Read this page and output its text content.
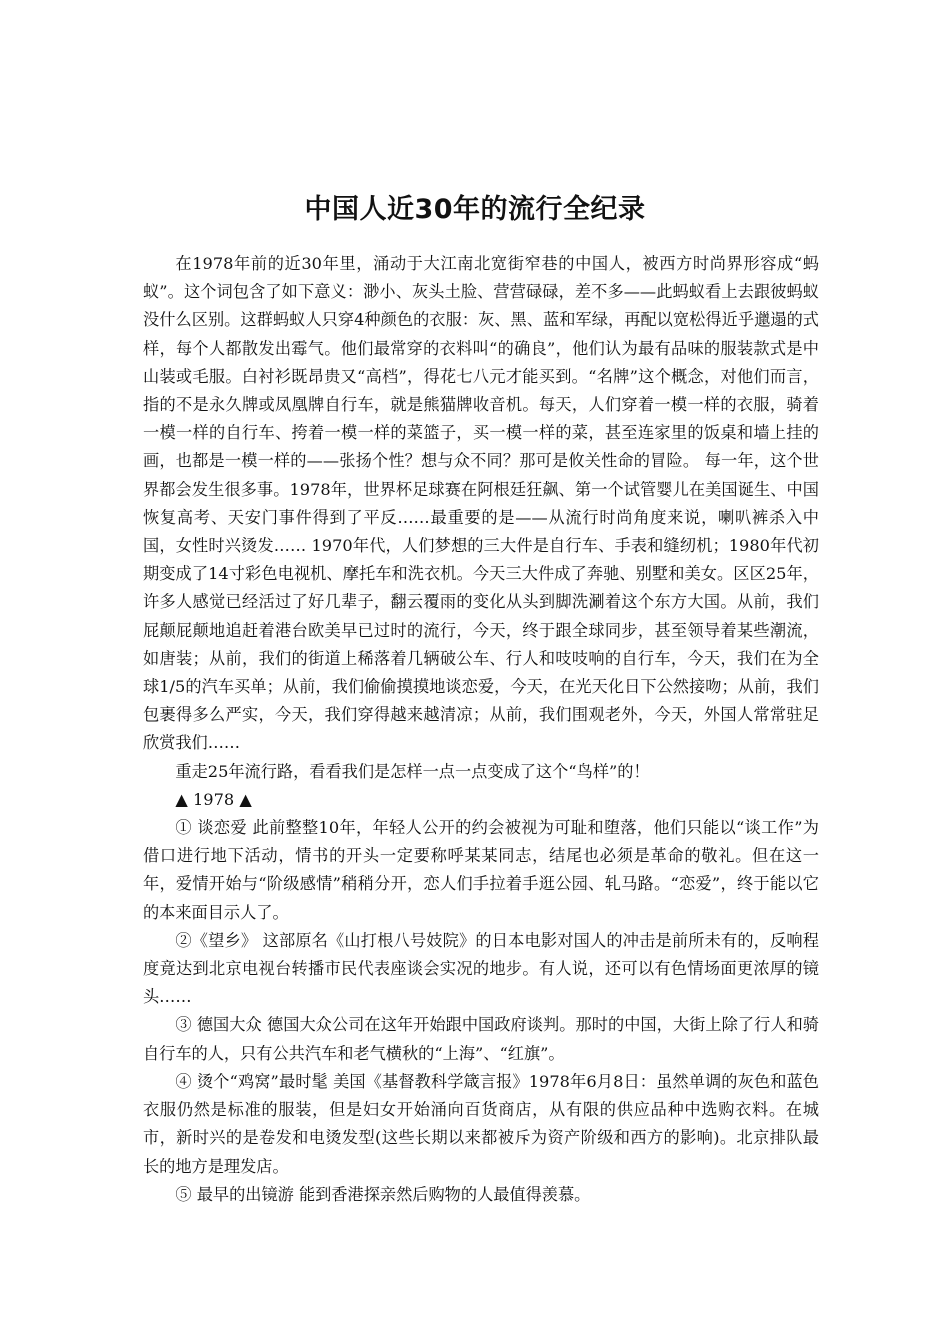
中国人近30年的流行全纪录

在1978年前的近30年里，涌动于大江南北宽街窄巷的中国人，被西方时尚界形容成“蚂蚁”。这个词包含了如下意义：渺小、灰头土脸、营营碌碌，差不多——此蚂蚁看上去跟彼蚂蚁没什么区别。这群蚂蚁人只穿4种颜色的衣服：灰、黑、蓝和军绿，再配以宽松得近乎邋遢的式样，每个人都散发出霉气。他们最常穿的衣料叫“的确良”，他们认为最有品味的服装款式是中山装或毛服。白衬衫既昂贵又“高档”，得花七八元才能买到。“名牌”这个概念，对他们而言，指的不是永久牌或凤凰牌自行车，就是熊猫牌收音机。每天，人们穿着一模一样的衣服，骑着一模一样的自行车、挎着一模一样的菜篮子，买一模一样的菜，甚至连家里的饭桌和墙上挂的画，也都是一模一样的——张扬个性？想与众不同？那可是攸关性命的冒险。 每一年，这个世界都会发生很多事。1978年，世界杯足球赛在阿根廷狂飙、第一个试管婴儿在美国诞生、中国恢复高考、天安门事件得到了平反……最重要的是——从流行时尚角度来说，喇叭裤杀入中国，女性时兴烫发…… 1970年代，人们梦想的三大件是自行车、手表和缝纫机；1980年代初期变成了14寸彩色电视机、摩托车和洗衣机。今天三大件成了奔驰、别墅和美女。区区25年，许多人感觉已经活过了好几辈子，翻云覆雨的变化从头到脚洗涮着这个东方大国。从前，我们屁颠屁颠地追赶着港台欧美早已过时的流行，今天，终于跟全球同步，甚至领导着某些潮流，如唐装；从前，我们的街道上稀落着几辆破公车、行人和吱吱响的自行车，今天，我们在为全球1/5的汽车买单；从前，我们偷偷摸摸地谈恋爱，今天，在光天化日下公然接吻；从前，我们包裹得多么严实，今天，我们穿得越来越清凉；从前，我们围观老外，今天，外国人常常驻足欣赏我们……

重走25年流行路，看看我们是怎样一点一点变成了这个“鸟样”的！

▲ 1978 ▲

① 谈恋爱 此前整整10年，年轻人公开的约会被视为可耻和堕落，他们只能以“谈工作”为借口进行地下活动，情书的开头一定要称呼某某同志，结尾也必须是革命的敬礼。但在这一年，爱情开始与“阶级感情”稍稍分开，恋人们手拉着手逛公园、轧马路。“恋爱”，终于能以它的本来面目示人了。

②《望乡》 这部原名《山打根八号妓院》的日本电影对国人的冲击是前所未有的，反响程度竟达到北京电视台转播市民代表座谈会实况的地步。有人说，还可以有色情场面更浓厚的镜头……

③ 德国大众 德国大众公司在这年开始跟中国政府谈判。那时的中国，大街上除了行人和骑自行车的人，只有公共汽车和老气横秋的“上海”、“红旗”。

④ 烫个“鸡窝”最时髦 美国《基督教科学箴言报》1978年6月8日：虽然单调的灰色和蓝色衣服仍然是标准的服装，但是妇女开始涌向百货商店，从有限的供应品种中选购衣料。在城市，新时兴的是卷发和电烫发型(这些长期以来都被斥为资产阶级和西方的影响)。北京排队最长的地方是理发店。

⑤ 最早的出镜游 能到香港探亲然后购物的人最值得羡慕。
